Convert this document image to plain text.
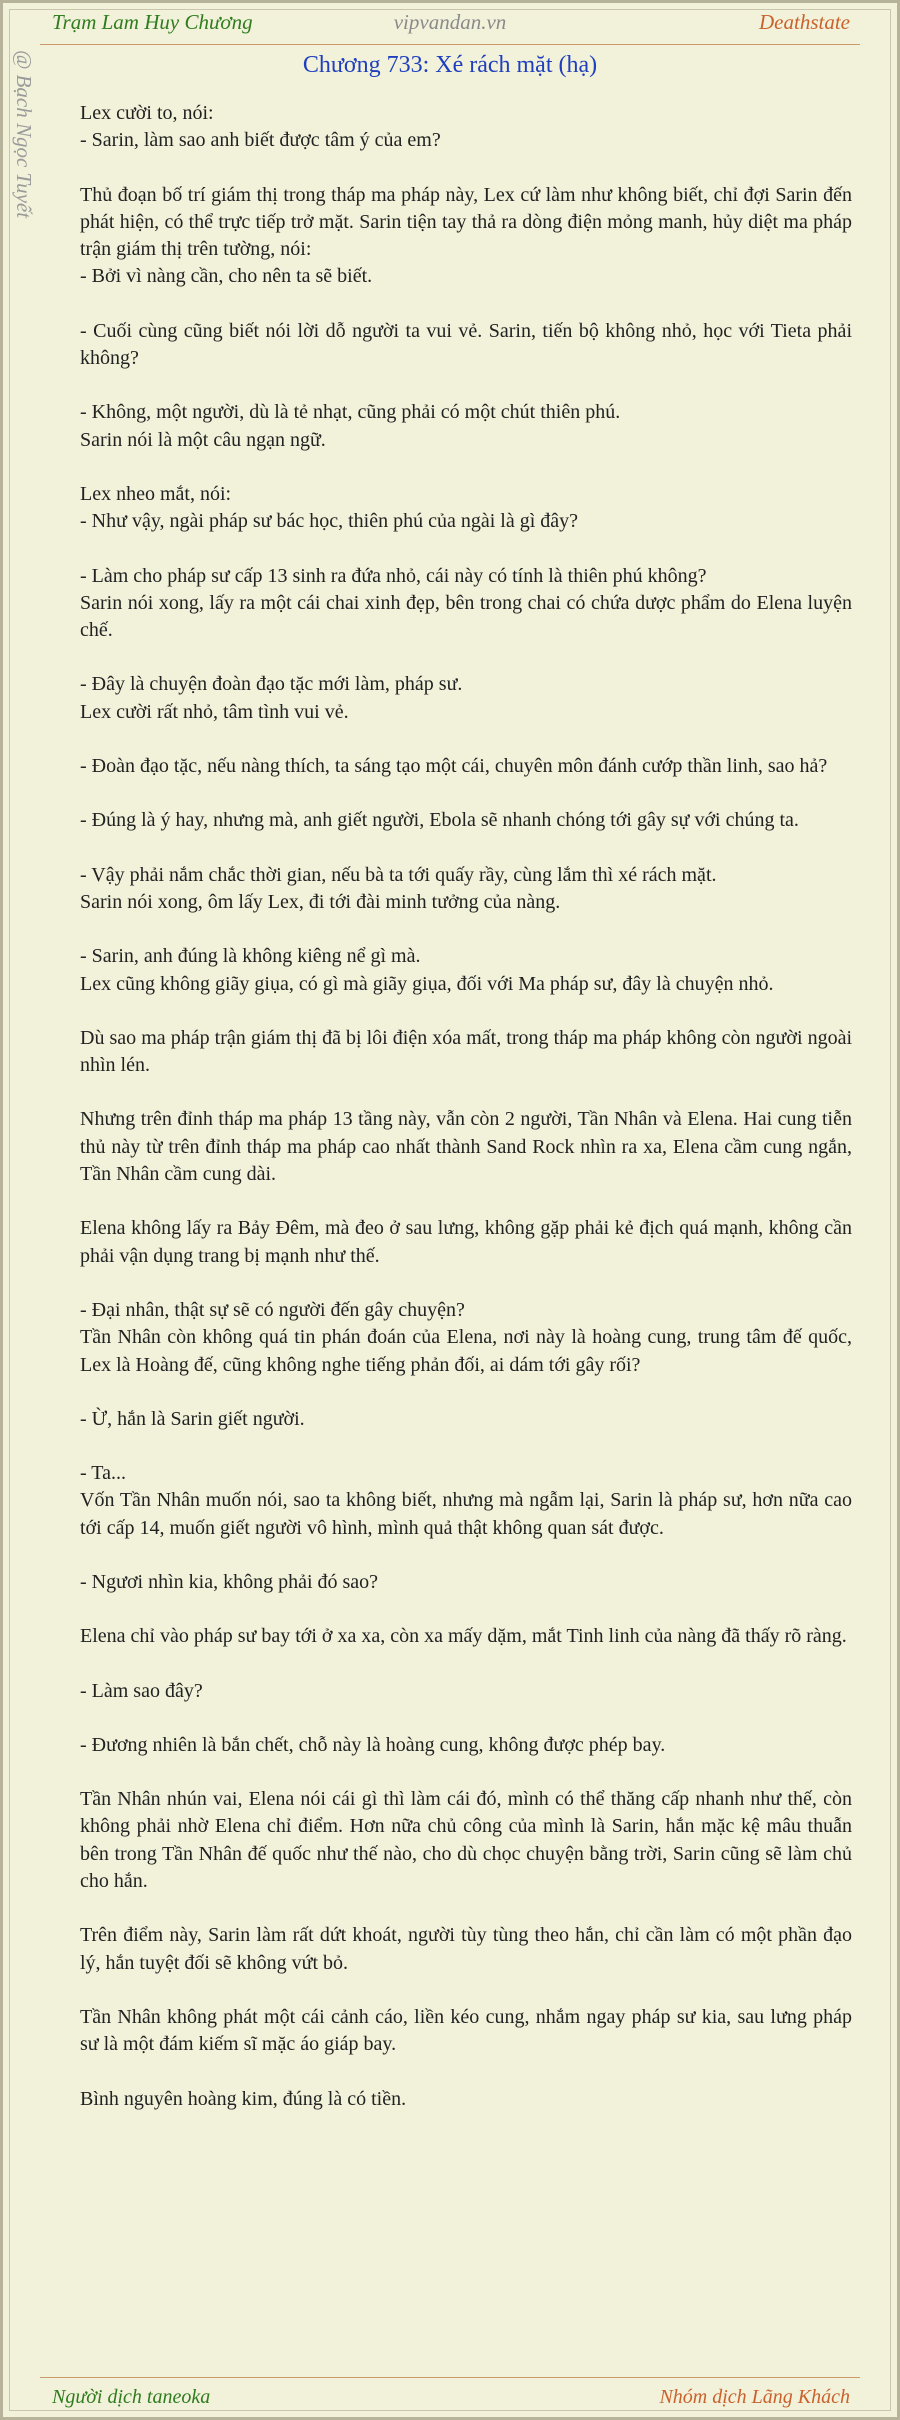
Trạm Lam Huy Chương	vipvandan.vn	Deathstate
@ Bạch Ngọc Tuyết	Chương 733: Xé rách mặt (hạ)

Lex cười to, nói:

- Sarin, làm sao anh biết được tâm ý của em?

Thủ đoạn bố trí giám thị trong tháp ma pháp này, Lex cứ làm như không biết, chỉ đợi Sarin đến phát hiện, có thể trực tiếp trở mặt. Sarin tiện tay thả ra dòng điện mỏng manh, hủy diệt ma pháp trận giám thị trên tường, nói:

- Bởi vì nàng cần, cho nên ta sẽ biết.

- Cuối cùng cũng biết nói lời dỗ người ta vui vẻ. Sarin, tiến bộ không nhỏ, học với Tieta phải không?

- Không, một người, dù là tẻ nhạt, cũng phải có một chút thiên phú.

Sarin nói là một câu ngạn ngữ.

Lex nheo mắt, nói:

- Như vậy, ngài pháp sư bác học, thiên phú của ngài là gì đây?

- Làm cho pháp sư cấp 13 sinh ra đứa nhỏ, cái này có tính là thiên phú không?

Sarin nói xong, lấy ra một cái chai xinh đẹp, bên trong chai có chứa dược phẩm do Elena luyện chế.

- Đây là chuyện đoàn đạo tặc mới làm, pháp sư.

Lex cười rất nhỏ, tâm tình vui vẻ.

- Đoàn đạo tặc, nếu nàng thích, ta sáng tạo một cái, chuyên môn đánh cướp thần linh, sao hả?

- Đúng là ý hay, nhưng mà, anh giết người, Ebola sẽ nhanh chóng tới gây sự với chúng ta.

- Vậy phải nắm chắc thời gian, nếu bà ta tới quấy rầy, cùng lắm thì xé rách mặt.

Sarin nói xong, ôm lấy Lex, đi tới đài minh tưởng của nàng.

- Sarin, anh đúng là không kiêng nể gì mà.

Lex cũng không giãy giụa, có gì mà giãy giụa, đối với Ma pháp sư, đây là chuyện nhỏ.

Dù sao ma pháp trận giám thị đã bị lôi điện xóa mất, trong tháp ma pháp không còn người ngoài nhìn lén.

Nhưng trên đỉnh tháp ma pháp 13 tầng này, vẫn còn 2 người, Tần Nhân và Elena. Hai cung tiễn thủ này từ trên đỉnh tháp ma pháp cao nhất thành Sand Rock nhìn ra xa, Elena cầm cung ngắn, Tần Nhân cầm cung dài.

Elena không lấy ra Bảy Đêm, mà đeo ở sau lưng, không gặp phải kẻ địch quá mạnh, không cần phải vận dụng trang bị mạnh như thế.

- Đại nhân, thật sự sẽ có người đến gây chuyện?

Tần Nhân còn không quá tin phán đoán của Elena, nơi này là hoàng cung, trung tâm đế quốc, Lex là Hoàng đế, cũng không nghe tiếng phản đối, ai dám tới gây rối?

- Ừ, hắn là Sarin giết người.

- Ta...

Vốn Tần Nhân muốn nói, sao ta không biết, nhưng mà ngẫm lại, Sarin là pháp sư, hơn nữa cao tới cấp 14, muốn giết người vô hình, mình quả thật không quan sát được.

- Ngươi nhìn kia, không phải đó sao?

Elena chỉ vào pháp sư bay tới ở xa xa, còn xa mấy dặm, mắt Tinh linh của nàng đã thấy rõ ràng.

- Làm sao đây?

- Đương nhiên là bắn chết, chỗ này là hoàng cung, không được phép bay.

Tần Nhân nhún vai, Elena nói cái gì thì làm cái đó, mình có thể thăng cấp nhanh như thế, còn không phải nhờ Elena chỉ điểm. Hơn nữa chủ công của mình là Sarin, hắn mặc kệ mâu thuẫn bên trong Tần Nhân đế quốc như thế nào, cho dù chọc chuyện bằng trời, Sarin cũng sẽ làm chủ cho hắn.

Trên điểm này, Sarin làm rất dứt khoát, người tùy tùng theo hắn, chỉ cần làm có một phần đạo lý, hắn tuyệt đối sẽ không vứt bỏ.

Tần Nhân không phát một cái cảnh cáo, liền kéo cung, nhắm ngay pháp sư kia, sau lưng pháp sư là một đám kiếm sĩ mặc áo giáp bay.

Bình nguyên hoàng kim, đúng là có tiền.

Người dịch taneoka	Nhóm dịch Lãng Khách
